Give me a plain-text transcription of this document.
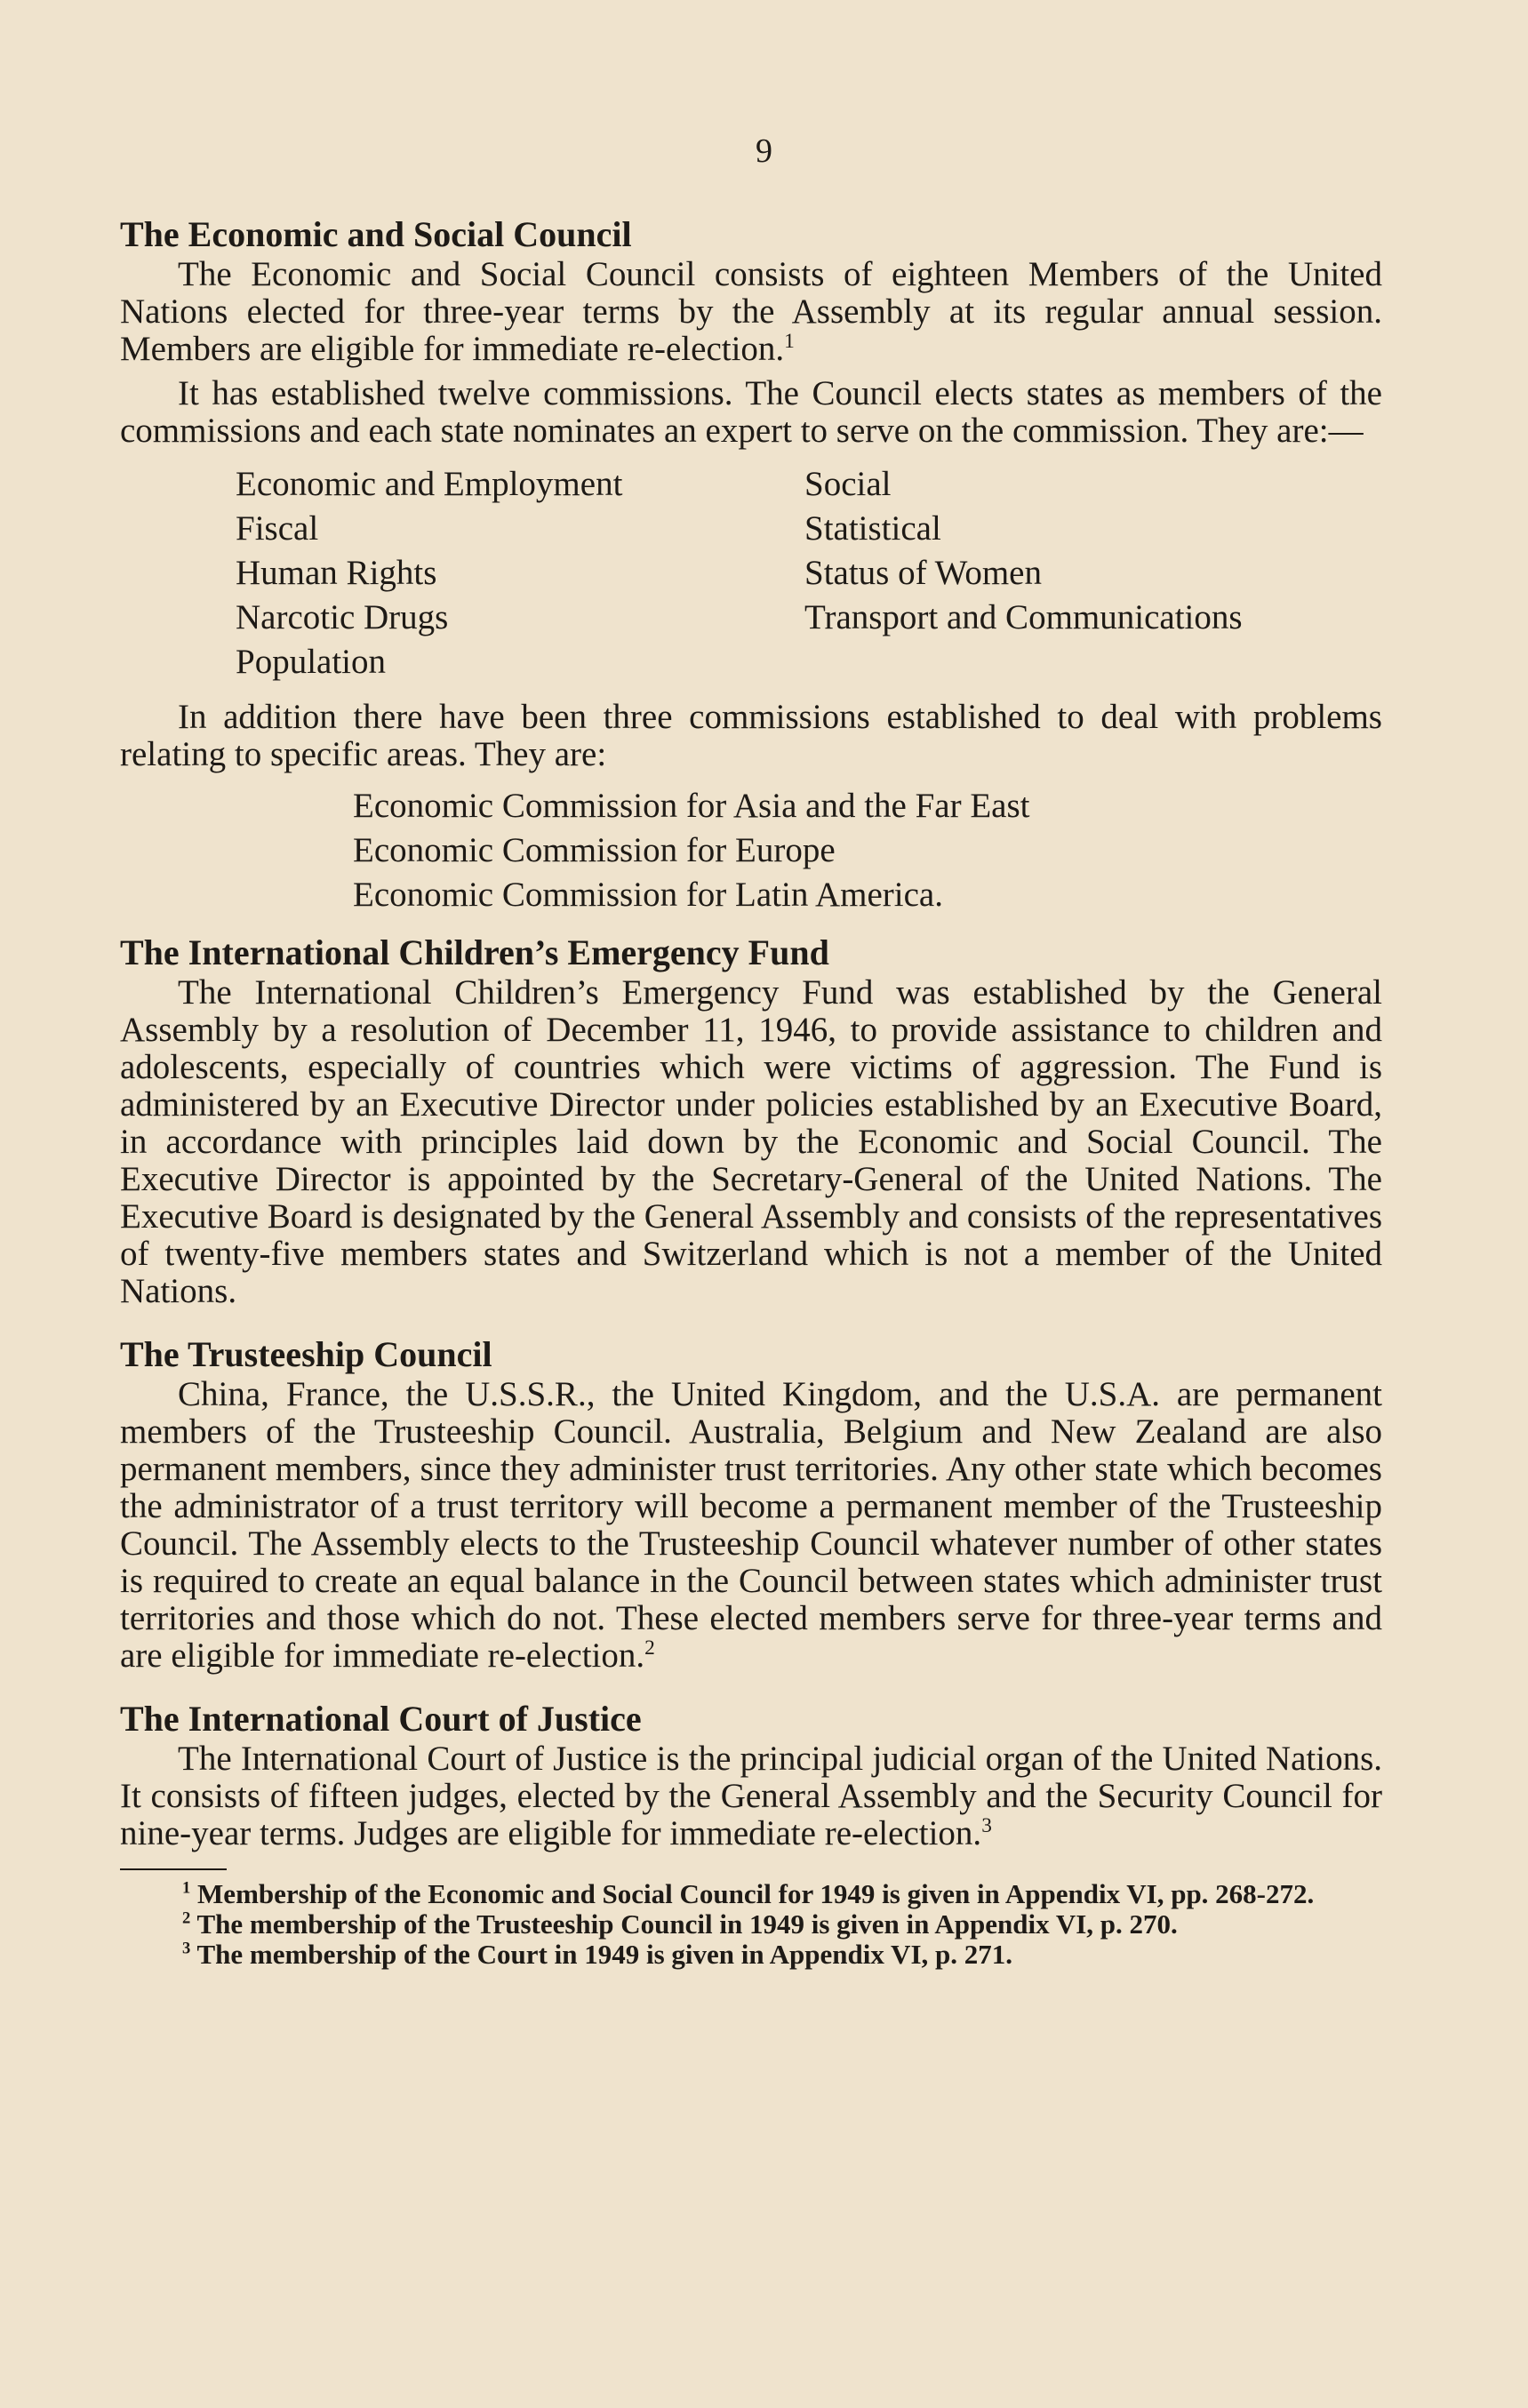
9
The Economic and Social Council

The Economic and Social Council consists of eighteen Members of the United Nations elected for three-year terms by the Assembly at its regular annual session. Members are eligible for immediate re-election.$^1$

It has established twelve commissions. The Council elects states as members of the commissions and each state nominates an expert to serve on the commission. They are:—

Economic and Employment
Fiscal
Human Rights
Narcotic Drugs
Population
Social
Statistical
Status of Women
Transport and Communications

In addition there have been three commissions established to deal with problems relating to specific areas. They are:

Economic Commission for Asia and the Far East
Economic Commission for Europe
Economic Commission for Latin America.
The International Children’s Emergency Fund

The International Children’s Emergency Fund was established by the General Assembly by a resolution of December 11, 1946, to provide assistance to children and adolescents, especially of countries which were victims of aggression. The Fund is administered by an Executive Director under policies established by an Executive Board, in accordance with principles laid down by the Economic and Social Council. The Executive Director is appointed by the Secretary-General of the United Nations. The Executive Board is designated by the General Assembly and consists of the representatives of twenty-five members states and Switzerland which is not a member of the United Nations.

The Trusteeship Council

China, France, the U.S.S.R., the United Kingdom, and the U.S.A. are permanent members of the Trusteeship Council. Australia, Belgium and New Zealand are also permanent members, since they administer trust territories. Any other state which becomes the administrator of a trust territory will become a permanent member of the Trusteeship Council. The Assembly elects to the Trusteeship Council whatever number of other states is required to create an equal balance in the Council between states which administer trust territories and those which do not. These elected members serve for three-year terms and are eligible for immediate re-election.$^2$

The International Court of Justice

The International Court of Justice is the principal judicial organ of the United Nations. It consists of fifteen judges, elected by the General Assembly and the Security Council for nine-year terms. Judges are eligible for immediate re-election.$^3$

$^1$ Membership of the Economic and Social Council for 1949 is given in Appendix VI, pp. 268-272.
$^2$ The membership of the Trusteeship Council in 1949 is given in Appendix VI, p. 270.
$^3$ The membership of the Court in 1949 is given in Appendix VI, p. 271.
